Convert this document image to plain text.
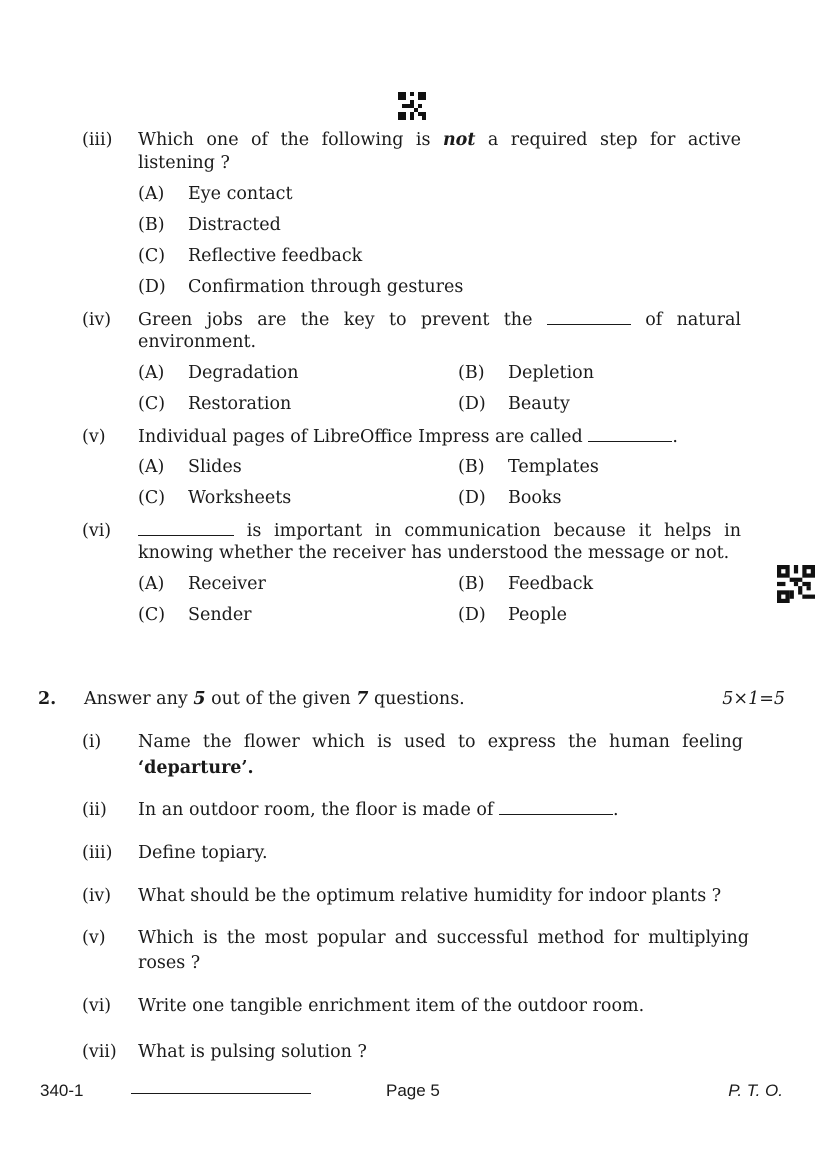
(iii) Which one of the following is not a required step for active
listening ?
(A) Eye contact
(B) Distracted
(C) Reflective feedback
(D) Confirmation through gestures
(iv) Green jobs are the key to prevent the	of natural
environment.
(A) Degradation	(B) Depletion
(C) Restoration	(D) Beauty
(v) Individual pages of LibreOffice Impress are called	.
(A) Slides	(B) Templates
(C) Worksheets	(D) Books
(vi)	is important in communication because it helps in
knowing whether the receiver has understood the message or not.
(A) Receiver	(B) Feedback
(C) Sender	(D) People
2. Answer any 5 out of the given 7 questions.	5×1=5
(i) Name the flower which is used to express the human feeling
‘departure’.
(ii) In an outdoor room, the floor is made of	.
(iii) Define topiary.
(iv) What should be the optimum relative humidity for indoor plants ?
(v) Which is the most popular and successful method for multiplying
roses ?
(vi) Write one tangible enrichment item of the outdoor room.
(vii) What is pulsing solution ?
340-1	Page 5	P. T. O.
